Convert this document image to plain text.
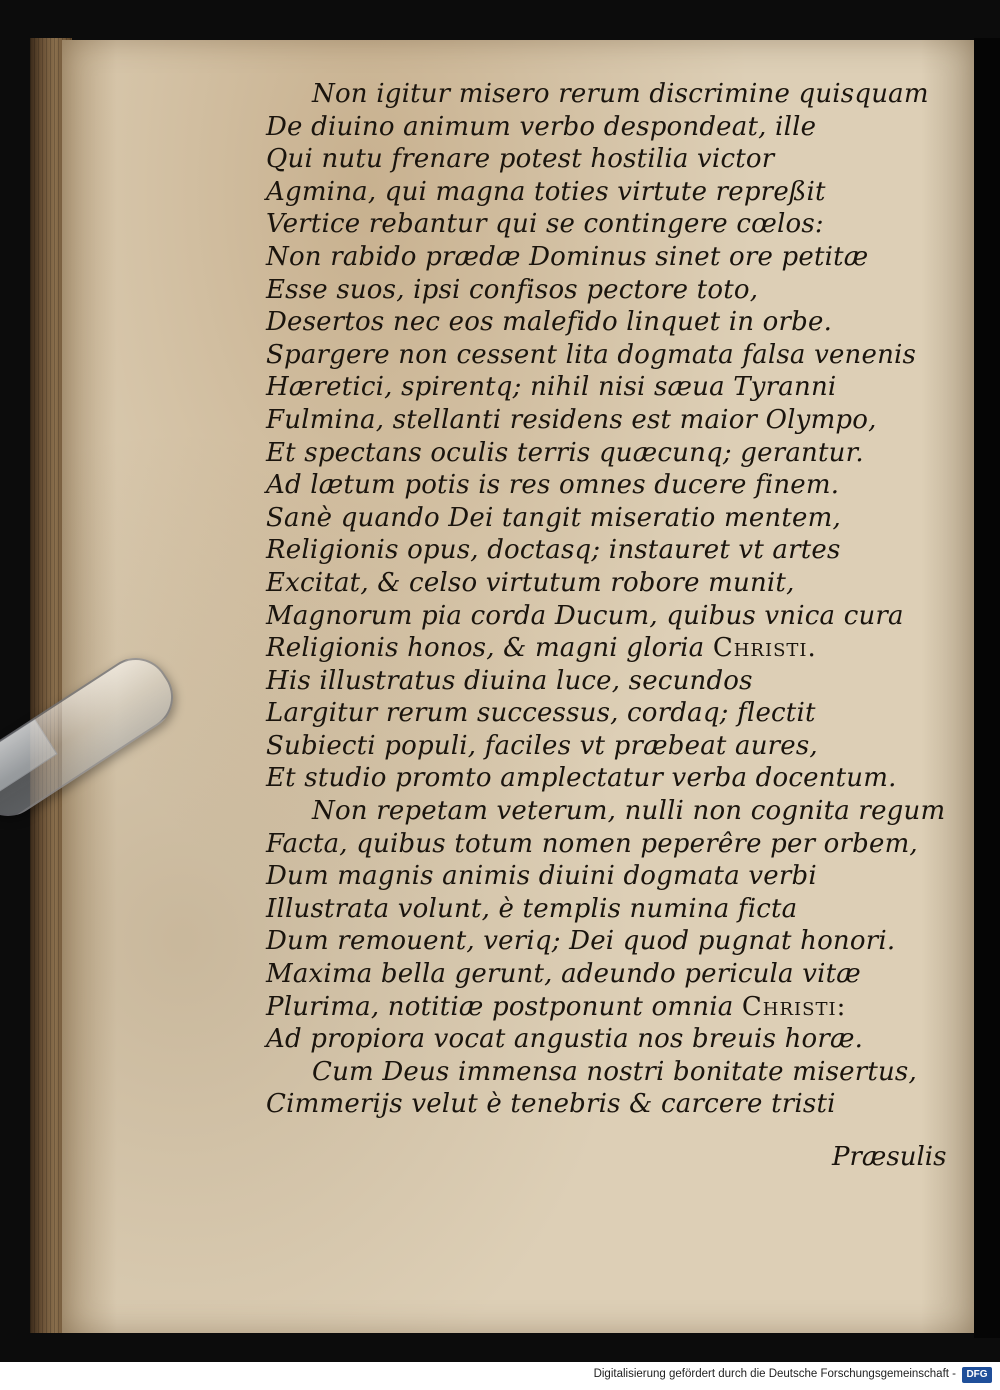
Non igitur misero rerum discrimine quisquam
De diuino animum verbo despondeat, ille
Qui nutu frenare potest hostilia victor
Agmina, qui magna toties virtute repreßit
Vertice rebantur qui se contingere cœlos:
Non rabido prædæ Dominus sinet ore petitæ
Esse suos, ipsi confisos pectore toto,
Desertos nec eos malefido linquet in orbe.
Spargere non cessent lita dogmata falsa venenis
Hæretici, spirentq; nihil nisi sæua Tyranni
Fulmina, stellanti residens est maior Olympo,
Et spectans oculis terris quæcunq; gerantur.
Ad lætum potis is res omnes ducere finem.
Sanè quando Dei tangit miseratio mentem,
Religionis opus, doctasq; instauret vt artes
Excitat, & celso virtutum robore munit,
Magnorum pia corda Ducum, quibus vnica cura
Religionis honos, & magni gloria Christi.
His illustratus diuina luce, secundos
Largitur rerum successus, cordaq; flectit
Subiecti populi, faciles vt præbeat aures,
Et studio promto amplectatur verba docentum.
Non repetam veterum, nulli non cognita regum
Facta, quibus totum nomen peperêre per orbem,
Dum magnis animis diuini dogmata verbi
Illustrata volunt, è templis numina ficta
Dum remouent, veriq; Dei quod pugnat honori.
Maxima bella gerunt, adeundo pericula vitæ
Plurima, notitiæ postponunt omnia Christi:
Ad propiora vocat angustia nos breuis horæ.
Cum Deus immensa nostri bonitate misertus,
Cimmeriјs velut è tenebris & carcere tristi
Præsulis
Digitalisierung gefördert durch die Deutsche Forschungsgemeinschaft -	DFG
